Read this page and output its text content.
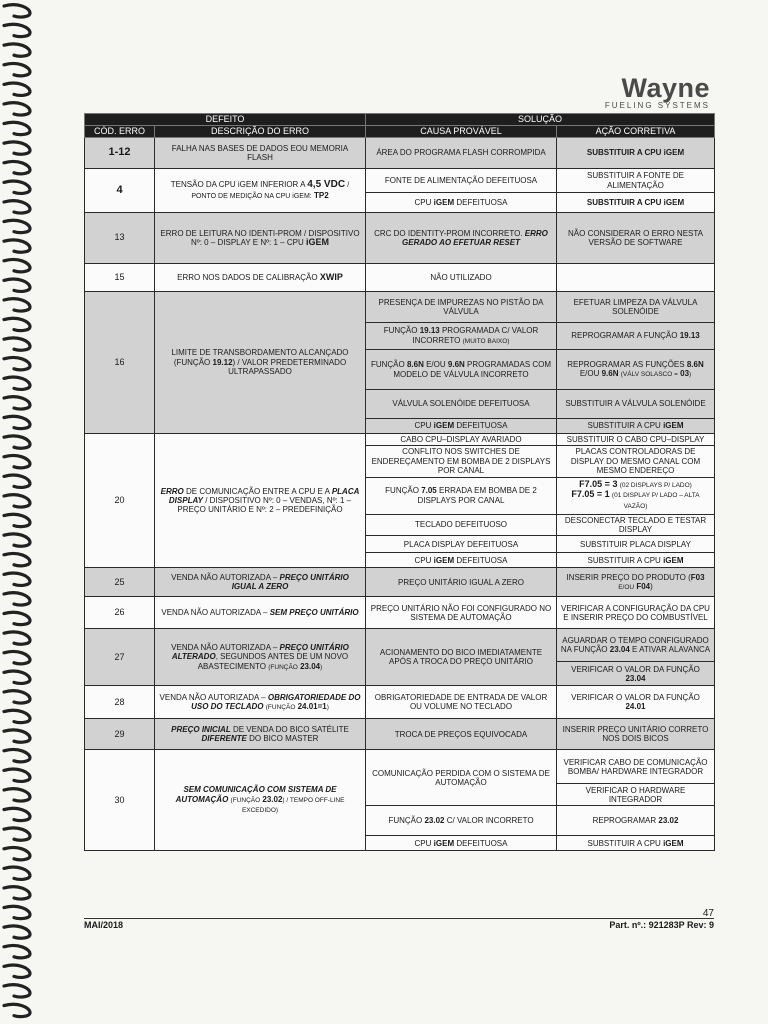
Wayne
FUELING SYSTEMS
DEFEITO		SOLUÇÃO	
CÓD. ERRO	DESCRIÇÃO DO ERRO	CAUSA PROVÁVEL	AÇÃO CORRETIVA
1-12	FALHA NAS BASES DE DADOS EOU MEMORIA FLASH	ÁREA DO PROGRAMA FLASH CORROMPIDA	SUBSTITUIR A CPU iGEM
4	TENSÃO DA CPU iGEM INFERIOR A 4,5 VDC / PONTO DE MEDIÇÃO NA CPU iGEM: TP2	FONTE DE ALIMENTAÇÃO DEFEITUOSA	SUBSTITUIR A FONTE DE ALIMENTAÇÃO
		CPU iGEM DEFEITUOSA	SUBSTITUIR A CPU iGEM
13	ERRO DE LEITURA NO IDENTI-PROM / DISPOSITIVO Nº: 0 – DISPLAY E Nº: 1 – CPU iGEM	CRC DO IDENTITY-PROM INCORRETO. ERRO GERADO AO EFETUAR RESET	NÃO CONSIDERAR O ERRO NESTA VERSÃO DE SOFTWARE
15	ERRO NOS DADOS DE CALIBRAÇÃO XWIP	NÃO UTILIZADO	
16	LIMITE DE TRANSBORDAMENTO ALCANÇADO (FUNÇÃO 19.12) / VALOR PREDETERMINADO ULTRAPASSADO	PRESENÇA DE IMPUREZAS NO PISTÃO DA VÁLVULA	EFETUAR LIMPEZA DA VÁLVULA SOLENÓIDE
		FUNÇÃO 19.13 PROGRAMADA C/ VALOR INCORRETO (MUITO BAIXO)	REPROGRAMAR A FUNÇÃO 19.13
		FUNÇÃO 8.6N E/OU 9.6N PROGRAMADAS COM MODELO DE VÁLVULA INCORRETO	REPROGRAMAR AS FUNÇÕES 8.6N E/OU 9.6N (VÁLV SOLASCO = 03)
		VÁLVULA SOLENÓIDE DEFEITUOSA	SUBSTITUIR A VÁLVULA SOLENÓIDE
		CPU iGEM DEFEITUOSA	SUBSTITUIR A CPU iGEM
20	ERRO DE COMUNICAÇÃO ENTRE A CPU E A PLACA DISPLAY / DISPOSITIVO Nº: 0 – VENDAS, Nº: 1 – PREÇO UNITÁRIO E Nº: 2 – PREDEFINIÇÃO	CABO CPU–DISPLAY AVARIADO	SUBSTITUIR O CABO CPU–DISPLAY
		CONFLITO NOS SWITCHES DE ENDEREÇAMENTO EM BOMBA DE 2 DISPLAYS POR CANAL	PLACAS CONTROLADORAS DE DISPLAY DO MESMO CANAL COM MESMO ENDEREÇO
		FUNÇÃO 7.05 ERRADA EM BOMBA DE 2 DISPLAYS POR CANAL	F7.05 = 3 (02 DISPLAYS P/ LADO)
F7.05 = 1 (01 DISPLAY P/ LADO – ALTA VAZÃO)
		TECLADO DEFEITUOSO	DESCONECTAR TECLADO E TESTAR DISPLAY
		PLACA DISPLAY DEFEITUOSA	SUBSTITUIR PLACA DISPLAY
		CPU iGEM DEFEITUOSA	SUBSTITUIR A CPU iGEM
25	VENDA NÃO AUTORIZADA – PREÇO UNITÁRIO IGUAL A ZERO	PREÇO UNITÁRIO IGUAL A ZERO	INSERIR PREÇO DO PRODUTO (F03 E/OU F04)
26	VENDA NÃO AUTORIZADA – SEM PREÇO UNITÁRIO	PREÇO UNITÁRIO NÃO FOI CONFIGURADO NO SISTEMA DE AUTOMAÇÃO	VERIFICAR A CONFIGURAÇÃO DA CPU E INSERIR PREÇO DO COMBUSTÍVEL
27	VENDA NÃO AUTORIZADA – PREÇO UNITÁRIO ALTERADO, SEGUNDOS ANTES DE UM NOVO ABASTECIMENTO (FUNÇÃO 23.04)	ACIONAMENTO DO BICO IMEDIATAMENTE APÓS A TROCA DO PREÇO UNITÁRIO	AGUARDAR O TEMPO CONFIGURADO NA FUNÇÃO 23.04 E ATIVAR ALAVANCA
			VERIFICAR O VALOR DA FUNÇÃO
23.04
28	VENDA NÃO AUTORIZADA – OBRIGATORIEDADE DO USO DO TECLADO (FUNÇÃO 24.01=1)	OBRIGATORIEDADE DE ENTRADA DE VALOR OU VOLUME NO TECLADO	VERIFICAR O VALOR DA FUNÇÃO
24.01
29	PREÇO INICIAL DE VENDA DO BICO SATÉLITE DIFERENTE DO BICO MASTER	TROCA DE PREÇOS EQUIVOCADA	INSERIR PREÇO UNITÁRIO CORRETO NOS DOIS BICOS
30	SEM COMUNICAÇÃO COM SISTEMA DE AUTOMAÇÃO (FUNÇÃO 23.02) / TEMPO OFF-LINE EXCEDIDO)	COMUNICAÇÃO PERDIDA COM O SISTEMA DE AUTOMAÇÃO	VERIFICAR CABO DE COMUNICAÇÃO BOMBA/ HARDWARE INTEGRADOR
			VERIFICAR O HARDWARE INTEGRADOR
		FUNÇÃO 23.02 C/ VALOR INCORRETO	REPROGRAMAR 23.02
		CPU iGEM DEFEITUOSA	SUBSTITUIR A CPU iGEM
47
MAI/2018	Part. nº.: 921283P Rev: 9
